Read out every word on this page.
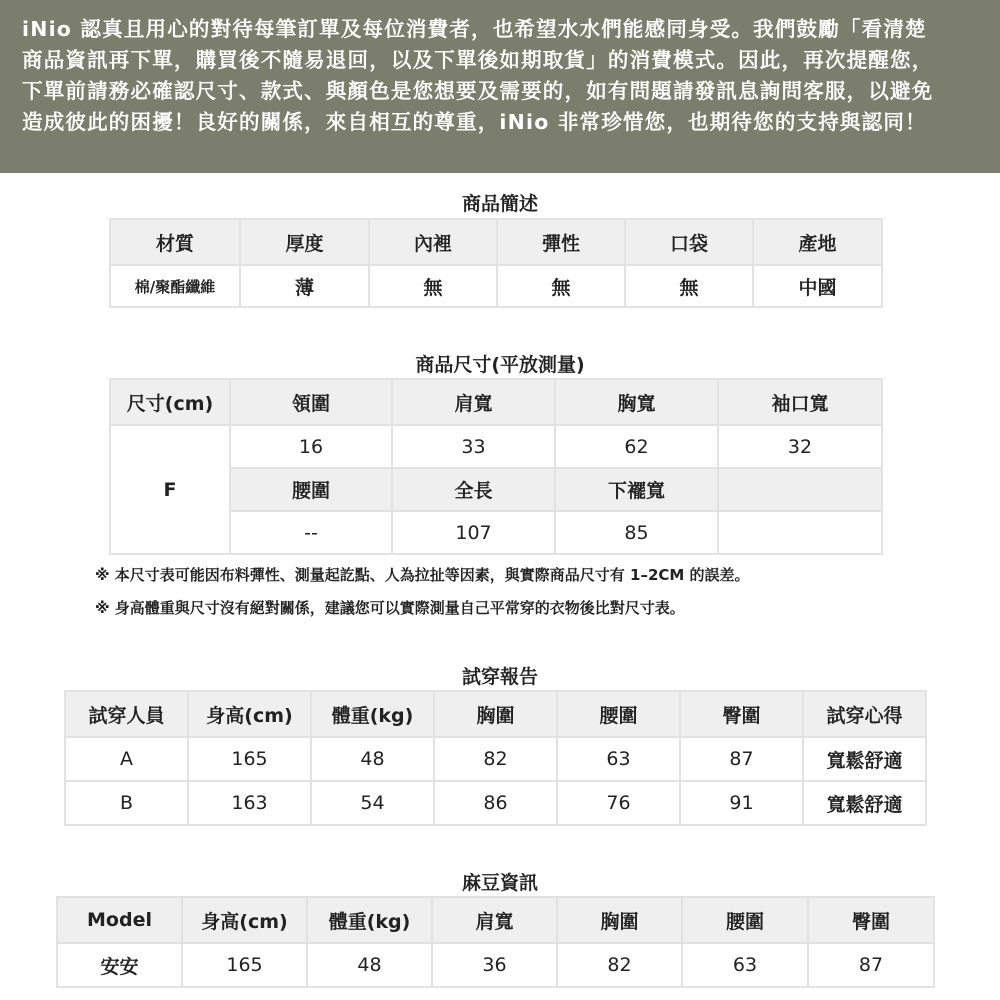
iNio 認真且用心的對待每筆訂單及每位消費者，也希望水水們能感同身受。我們鼓勵「看清楚

商品資訊再下單，購買後不隨易退回，以及下單後如期取貨」的消費模式。因此，再次提醒您，

下單前請務必確認尺寸、款式、與顏色是您想要及需要的，如有問題請發訊息詢問客服，以避免

造成彼此的困擾！良好的關係，來自相互的尊重，iNio 非常珍惜您，也期待您的支持與認同！

商品簡述
材質	厚度	內裡	彈性	口袋	產地
棉/聚酯纖維	薄	無	無	無	中國
商品尺寸(平放測量)
尺寸(cm)	領圍	肩寬	胸寬	袖口寬
F	16	33	62	32
	腰圍	全長	下襬寬	
	--	107	85	
※ 本尺寸表可能因布料彈性、測量起訖點、人為拉扯等因素，與實際商品尺寸有 1–2CM 的誤差。
※ 身高體重與尺寸沒有絕對關係，建議您可以實際測量自己平常穿的衣物後比對尺寸表。
試穿報告
試穿人員	身高(cm)	體重(kg)	胸圍	腰圍	臀圍	試穿心得
A	165	48	82	63	87	寬鬆舒適
B	163	54	86	76	91	寬鬆舒適
麻豆資訊
Model	身高(cm)	體重(kg)	肩寬	胸圍	腰圍	臀圍
安安	165	48	36	82	63	87
